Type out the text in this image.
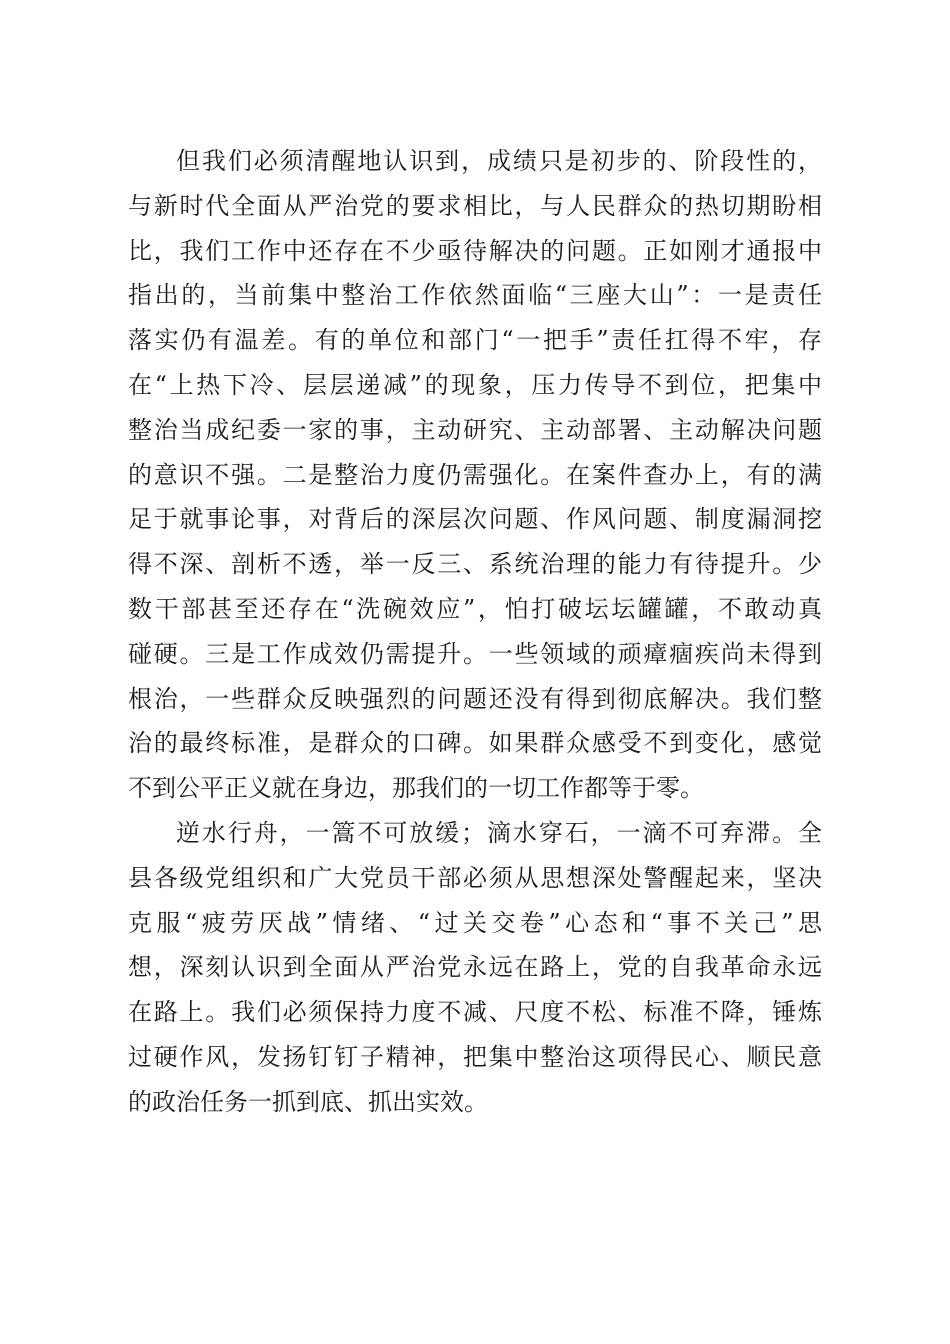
但我们必须清醒地认识到，成绩只是初步的、阶段性的，
与新时代全面从严治党的要求相比，与人民群众的热切期盼相
比，我们工作中还存在不少亟待解决的问题。正如刚才通报中
指出的，当前集中整治工作依然面临“三座大山”：一是责任
落实仍有温差。有的单位和部门“一把手”责任扛得不牢，存
在“上热下冷、层层递减”的现象，压力传导不到位，把集中
整治当成纪委一家的事，主动研究、主动部署、主动解决问题
的意识不强。二是整治力度仍需强化。在案件查办上，有的满
足于就事论事，对背后的深层次问题、作风问题、制度漏洞挖
得不深、剖析不透，举一反三、系统治理的能力有待提升。少
数干部甚至还存在“洗碗效应”，怕打破坛坛罐罐，不敢动真
碰硬。三是工作成效仍需提升。一些领域的顽瘴痼疾尚未得到
根治，一些群众反映强烈的问题还没有得到彻底解决。我们整
治的最终标准，是群众的口碑。如果群众感受不到变化，感觉
不到公平正义就在身边，那我们的一切工作都等于零。
逆水行舟，一篙不可放缓；滴水穿石，一滴不可弃滞。全
县各级党组织和广大党员干部必须从思想深处警醒起来，坚决
克服“疲劳厌战”情绪、“过关交卷”心态和“事不关己”思
想，深刻认识到全面从严治党永远在路上，党的自我革命永远
在路上。我们必须保持力度不减、尺度不松、标准不降，锤炼
过硬作风，发扬钉钉子精神，把集中整治这项得民心、顺民意
的政治任务一抓到底、抓出实效。
